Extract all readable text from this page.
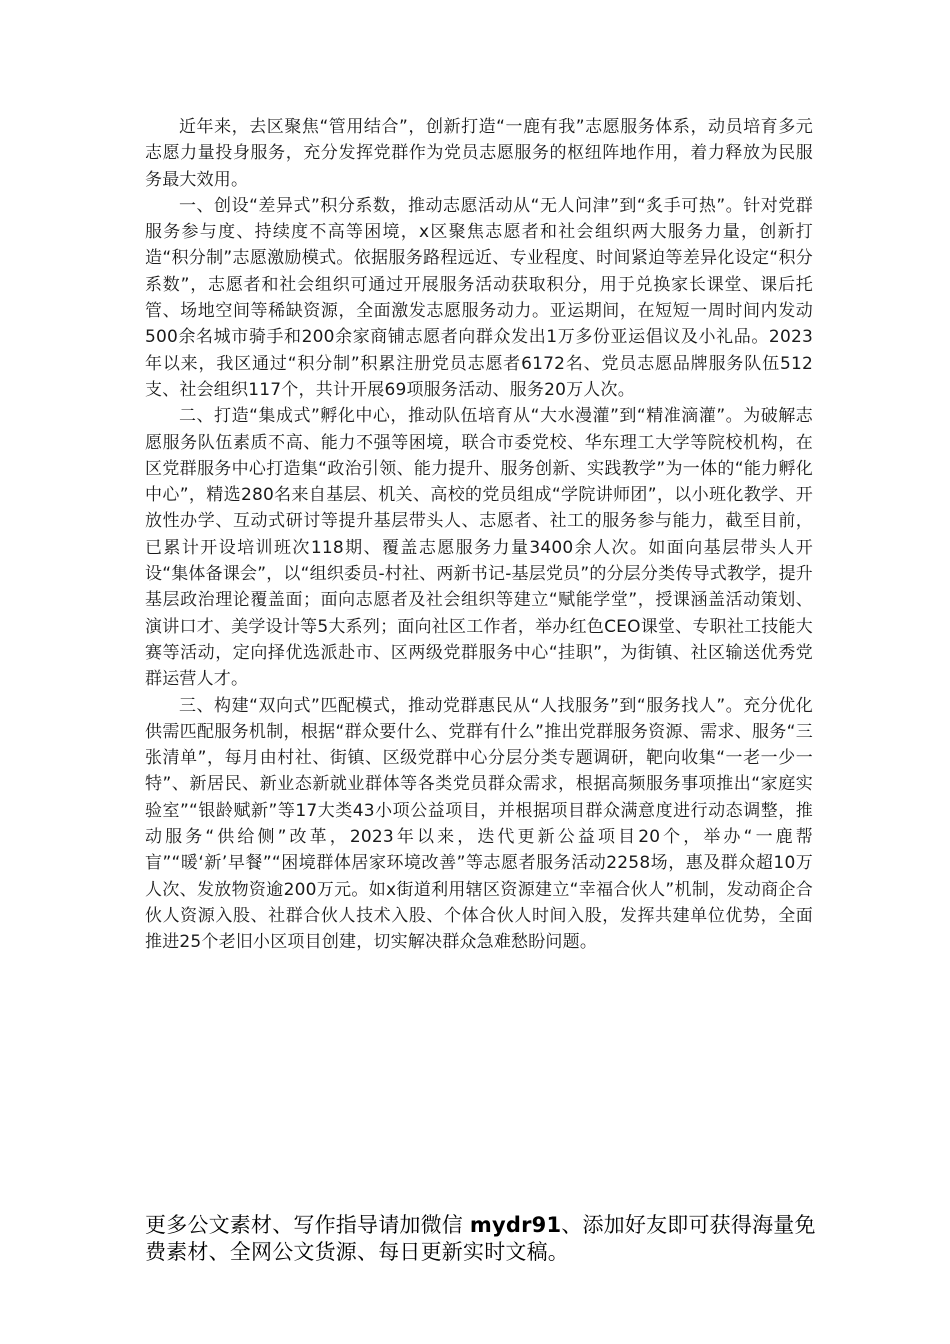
近年来，去区聚焦“管用结合”，创新打造“一鹿有我”志愿服务体系，动员培育多元志愿力量投身服务，充分发挥党群作为党员志愿服务的枢纽阵地作用，着力释放为民服务最大效用。

一、创设“差异式”积分系数，推动志愿活动从“无人问津”到“炙手可热”。针对党群服务参与度、持续度不高等困境，x区聚焦志愿者和社会组织两大服务力量，创新打造“积分制”志愿激励模式。依据服务路程远近、专业程度、时间紧迫等差异化设定“积分系数”，志愿者和社会组织可通过开展服务活动获取积分，用于兑换家长课堂、课后托管、场地空间等稀缺资源，全面激发志愿服务动力。亚运期间，在短短一周时间内发动500余名城市骑手和200余家商铺志愿者向群众发出1万多份亚运倡议及小礼品。2023年以来，我区通过“积分制”积累注册党员志愿者6172名、党员志愿品牌服务队伍512支、社会组织117个，共计开展69项服务活动、服务20万人次。

二、打造“集成式”孵化中心，推动队伍培育从“大水漫灌”到“精准滴灌”。为破解志愿服务队伍素质不高、能力不强等困境，联合市委党校、华东理工大学等院校机构，在区党群服务中心打造集“政治引领、能力提升、服务创新、实践教学”为一体的“能力孵化中心”，精选280名来自基层、机关、高校的党员组成“学院讲师团”，以小班化教学、开放性办学、互动式研讨等提升基层带头人、志愿者、社工的服务参与能力，截至目前，已累计开设培训班次118期、覆盖志愿服务力量3400余人次。如面向基层带头人开设“集体备课会”，以“组织委员-村社、两新书记-基层党员”的分层分类传导式教学，提升基层政治理论覆盖面；面向志愿者及社会组织等建立“赋能学堂”，授课涵盖活动策划、演讲口才、美学设计等5大系列；面向社区工作者，举办红色CEO课堂、专职社工技能大赛等活动，定向择优选派赴市、区两级党群服务中心“挂职”，为街镇、社区输送优秀党群运营人才。

三、构建“双向式”匹配模式，推动党群惠民从“人找服务”到“服务找人”。充分优化供需匹配服务机制，根据“群众要什么、党群有什么”推出党群服务资源、需求、服务“三张清单”，每月由村社、街镇、区级党群中心分层分类专题调研，靶向收集“一老一少一特”、新居民、新业态新就业群体等各类党员群众需求，根据高频服务事项推出“家庭实验室”“银龄赋新”等17大类43小项公益项目，并根据项目群众满意度进行动态调整，推动服务“供给侧”改革，2023年以来，迭代更新公益项目20个，举办“一鹿帮盲”“暖‘新’早餐”“困境群体居家环境改善”等志愿者服务活动2258场，惠及群众超10万人次、发放物资逾200万元。如x街道利用辖区资源建立“幸福合伙人”机制，发动商企合伙人资源入股、社群合伙人技术入股、个体合伙人时间入股，发挥共建单位优势，全面推进25个老旧小区项目创建，切实解决群众急难愁盼问题。

更多公文素材、写作指导请加微信 mydr91、添加好友即可获得海量免费素材、全网公文货源、每日更新实时文稿。
